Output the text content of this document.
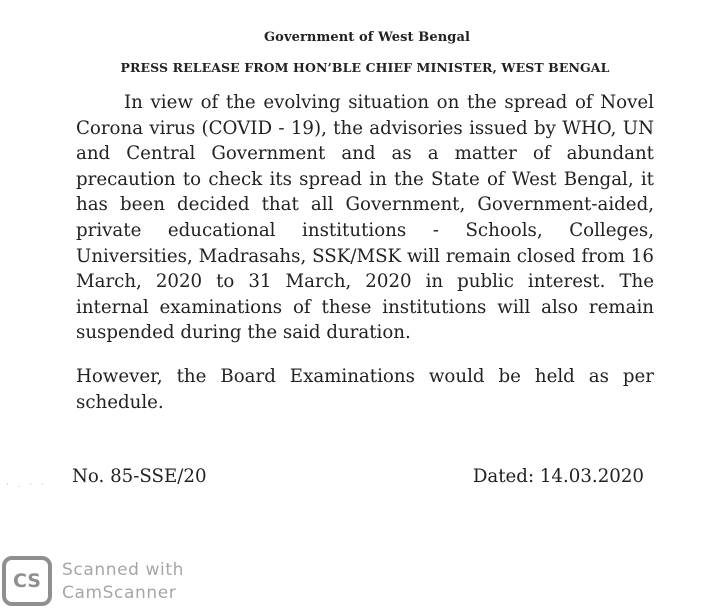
Government of West Bengal
PRESS RELEASE FROM HON’BLE CHIEF MINISTER, WEST BENGAL
In view of the evolving situation on the spread of Novel Corona virus (COVID - 19), the advisories issued by WHO, UN and Central Government and as a matter of abundant precaution to check its spread in the State of West Bengal, it has been decided that all Government, Government-aided, private educational institutions - Schools, Colleges, Universities, Madrasahs, SSK/MSK will remain closed from 16 March, 2020 to 31 March, 2020 in public interest. The internal examinations of these institutions will also remain suspended during the said duration.
However, the Board Examinations would be held as per schedule.
No. 85-SSE/20	Dated: 14.03.2020
· . · ·
CS	Scanned with
CamScanner
